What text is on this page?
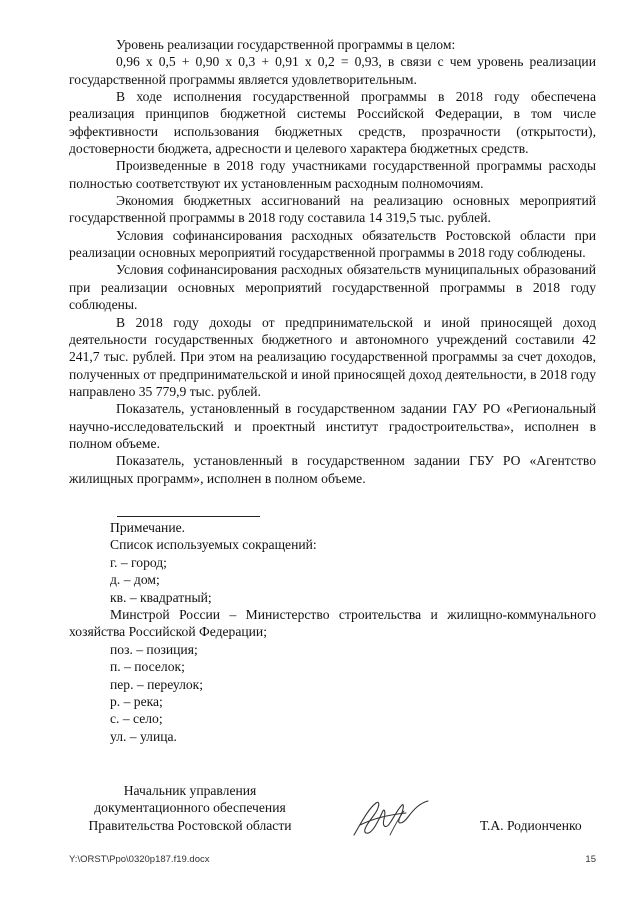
Уровень реализации государственной программы в целом:

0,96 х 0,5 + 0,90 х 0,3 + 0,91 х 0,2 = 0,93, в связи с чем уровень реализации государственной программы является удовлетворительным.

В ходе исполнения государственной программы в 2018 году обеспечена реализация принципов бюджетной системы Российской Федерации, в том числе эффективности использования бюджетных средств, прозрачности (открытости), достоверности бюджета, адресности и целевого характера бюджетных средств.

Произведенные в 2018 году участниками государственной программы расходы полностью соответствуют их установленным расходным полномочиям.

Экономия бюджетных ассигнований на реализацию основных мероприятий государственной программы в 2018 году составила 14 319,5 тыс. рублей.

Условия софинансирования расходных обязательств Ростовской области при реализации основных мероприятий государственной программы в 2018 году соблюдены.

Условия софинансирования расходных обязательств муниципальных образований при реализации основных мероприятий государственной программы в 2018 году соблюдены.

В 2018 году доходы от предпринимательской и иной приносящей доход деятельности государственных бюджетного и автономного учреждений составили 42 241,7 тыс. рублей. При этом на реализацию государственной программы за счет доходов, полученных от предпринимательской и иной приносящей доход деятельности, в 2018 году направлено 35 779,9 тыс. рублей.

Показатель, установленный в государственном задании ГАУ РО «Региональный научно-исследовательский и проектный институт градостроительства», исполнен в полном объеме.

Показатель, установленный в государственном задании ГБУ РО «Агентство жилищных программ», исполнен в полном объеме.

Примечание.

Список используемых сокращений:

г. – город;

д. – дом;

кв. – квадратный;

Минстрой России – Министерство строительства и жилищно-коммунального хозяйства Российской Федерации;

поз. – позиция;

п. – поселок;

пер. – переулок;

р. – река;

с. – село;

ул. – улица.

Начальник управления
документационного обеспечения
Правительства Ростовской области	Т.А. Родионченко
Y:\ORST\Ppo\0320p187.f19.docx	15
